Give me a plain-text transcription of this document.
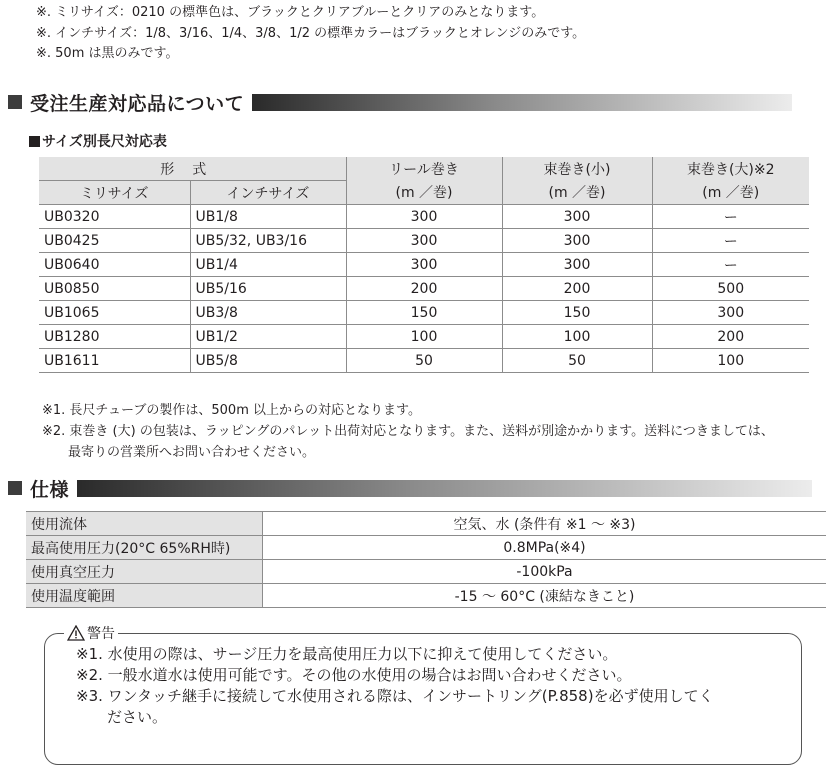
※. ミリサイズ：0210 の標準色は、ブラックとクリアブルーとクリアのみとなります。
※. インチサイズ：1/8、3/16、1/4、3/8、1/2 の標準カラーはブラックとオレンジのみです。
※. 50m は黒のみです。
受注生産対応品について
サイズ別長尺対応表
形式		リール巻き	束巻き(小)	束巻き(大)※2
ミリサイズ	インチサイズ	(m ／巻)	(m ／巻)	(m ／巻)
UB0320	UB1/8	300	300	ー
UB0425	UB5/32, UB3/16	300	300	ー
UB0640	UB1/4	300	300	ー
UB0850	UB5/16	200	200	500
UB1065	UB3/8	150	150	300
UB1280	UB1/2	100	100	200
UB1611	UB5/8	50	50	100
※1. 長尺チューブの製作は、500m 以上からの対応となります。
※2. 束巻き (大) の包装は、ラッピングのパレット出荷対応となります。また、送料が別途かかります。送料につきましては、
最寄りの営業所へお問い合わせください。
仕様
使用流体	空気、水 (条件有 ※1 ～ ※3)
最高使用圧力(20°C 65%RH時)	0.8MPa(※4)
使用真空圧力	-100kPa
使用温度範囲	-15 ～ 60°C (凍結なきこと)
警告
※1. 水使用の際は、サージ圧力を最高使用圧力以下に抑えて使用してください。
※2. 一般水道水は使用可能です。その他の水使用の場合はお問い合わせください。
※3. ワンタッチ継手に接続して水使用される際は、インサートリング(P.858)を必ず使用してく
ださい。
